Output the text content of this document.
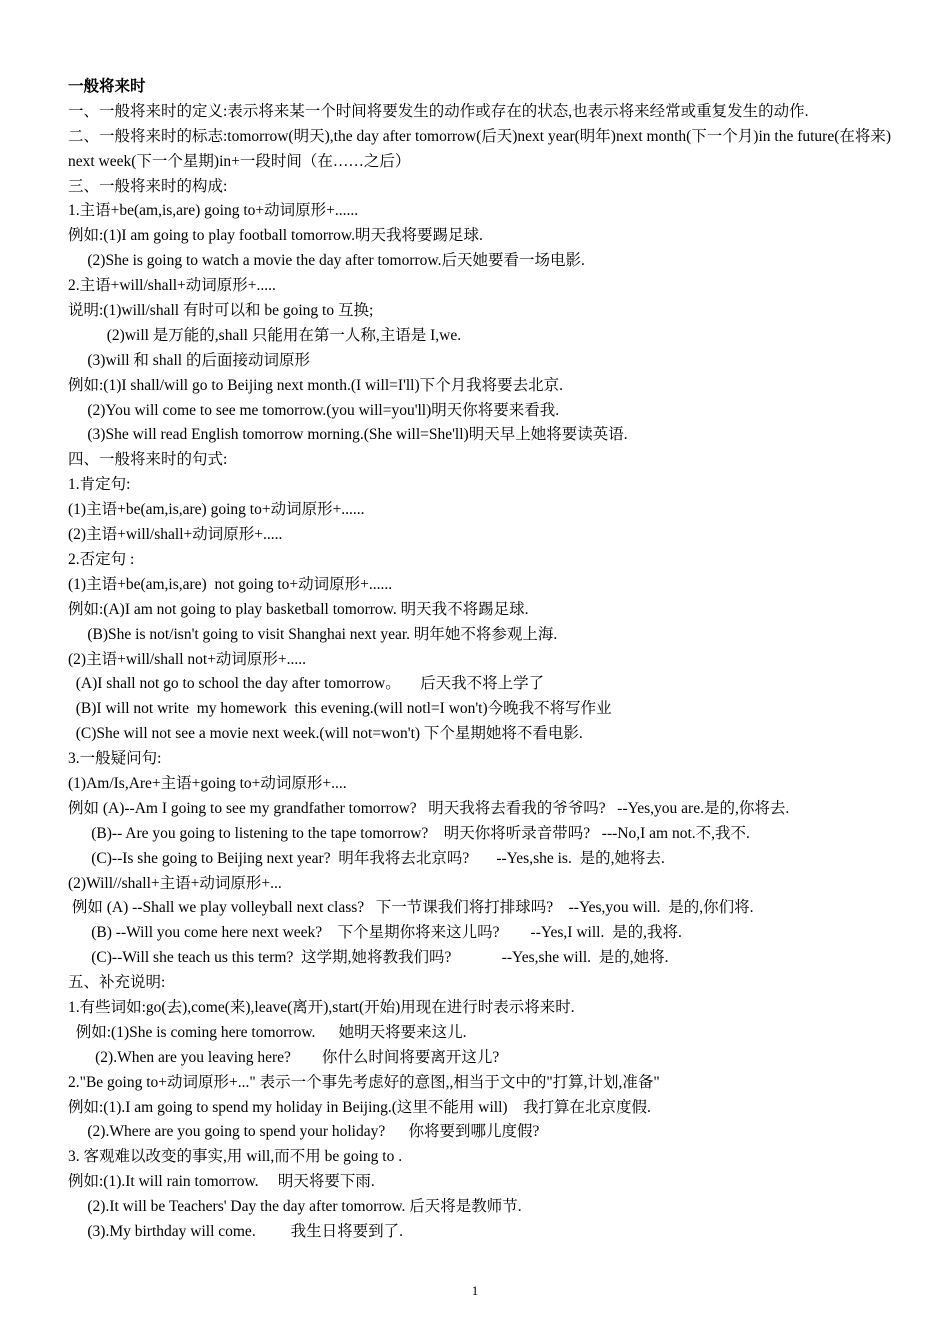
一般将来时
一、一般将来时的定义:表示将来某一个时间将要发生的动作或存在的状态,也表示将来经常或重复发生的动作.
二、一般将来时的标志:tomorrow(明天),the day after tomorrow(后天)next year(明年)next month(下一个月)in the future(在将来)
next week(下一个星期)in+一段时间（在……之后）
三、一般将来时的构成:
1.主语+be(am,is,are) going to+动词原形+......
例如:(1)I am going to play football tomorrow.明天我将要踢足球.
(2)She is going to watch a movie the day after tomorrow.后天她要看一场电影.
2.主语+will/shall+动词原形+.....
说明:(1)will/shall 有时可以和 be going to 互换;
(2)will 是万能的,shall 只能用在第一人称,主语是 I,we.
(3)will 和 shall 的后面接动词原形
例如:(1)I shall/will go to Beijing next month.(I will=I'll)下个月我将要去北京.
(2)You will come to see me tomorrow.(you will=you'll)明天你将要来看我.
(3)She will read English tomorrow morning.(She will=She'll)明天早上她将要读英语.
四、一般将来时的句式:
1.肯定句:
(1)主语+be(am,is,are) going to+动词原形+......
(2)主语+will/shall+动词原形+.....
2.否定句 :
(1)主语+be(am,is,are)  not going to+动词原形+......
例如:(A)I am not going to play basketball tomorrow. 明天我不将踢足球.
(B)She is not/isn't going to visit Shanghai next year. 明年她不将参观上海.
(2)主语+will/shall not+动词原形+.....
(A)I shall not go to school the day after tomorrow。     后天我不将上学了
(B)I will not write  my homework  this evening.(will notl=I won't)今晚我不将写作业
(C)She will not see a movie next week.(will not=won't) 下个星期她将不看电影.
3.一般疑问句:
(1)Am/Is,Are+主语+going to+动词原形+....
例如 (A)--Am I going to see my grandfather tomorrow?   明天我将去看我的爷爷吗?   --Yes,you are.是的,你将去.
(B)-- Are you going to listening to the tape tomorrow?    明天你将听录音带吗?   ---No,I am not.不,我不.
(C)--Is she going to Beijing next year?  明年我将去北京吗?       --Yes,she is.  是的,她将去.
(2)Will//shall+主语+动词原形+...
例如 (A) --Shall we play volleyball next class?   下一节课我们将打排球吗?    --Yes,you will.  是的,你们将.
(B) --Will you come here next week?    下个星期你将来这儿吗?        --Yes,I will.  是的,我将.
(C)--Will she teach us this term?  这学期,她将教我们吗?             --Yes,she will.  是的,她将.
五、补充说明:
1.有些词如:go(去),come(来),leave(离开),start(开始)用现在进行时表示将来时.
例如:(1)She is coming here tomorrow.      她明天将要来这儿.
(2).When are you leaving here?        你什么时间将要离开这儿?
2."Be going to+动词原形+..." 表示一个事先考虑好的意图,,相当于文中的"打算,计划,准备"
例如:(1).I am going to spend my holiday in Beijing.(这里不能用 will)    我打算在北京度假.
(2).Where are you going to spend your holiday?      你将要到哪儿度假?
3. 客观难以改变的事实,用 will,而不用 be going to .
例如:(1).It will rain tomorrow.     明天将要下雨.
(2).It will be Teachers' Day the day after tomorrow. 后天将是教师节.
(3).My birthday will come.         我生日将要到了.
1
